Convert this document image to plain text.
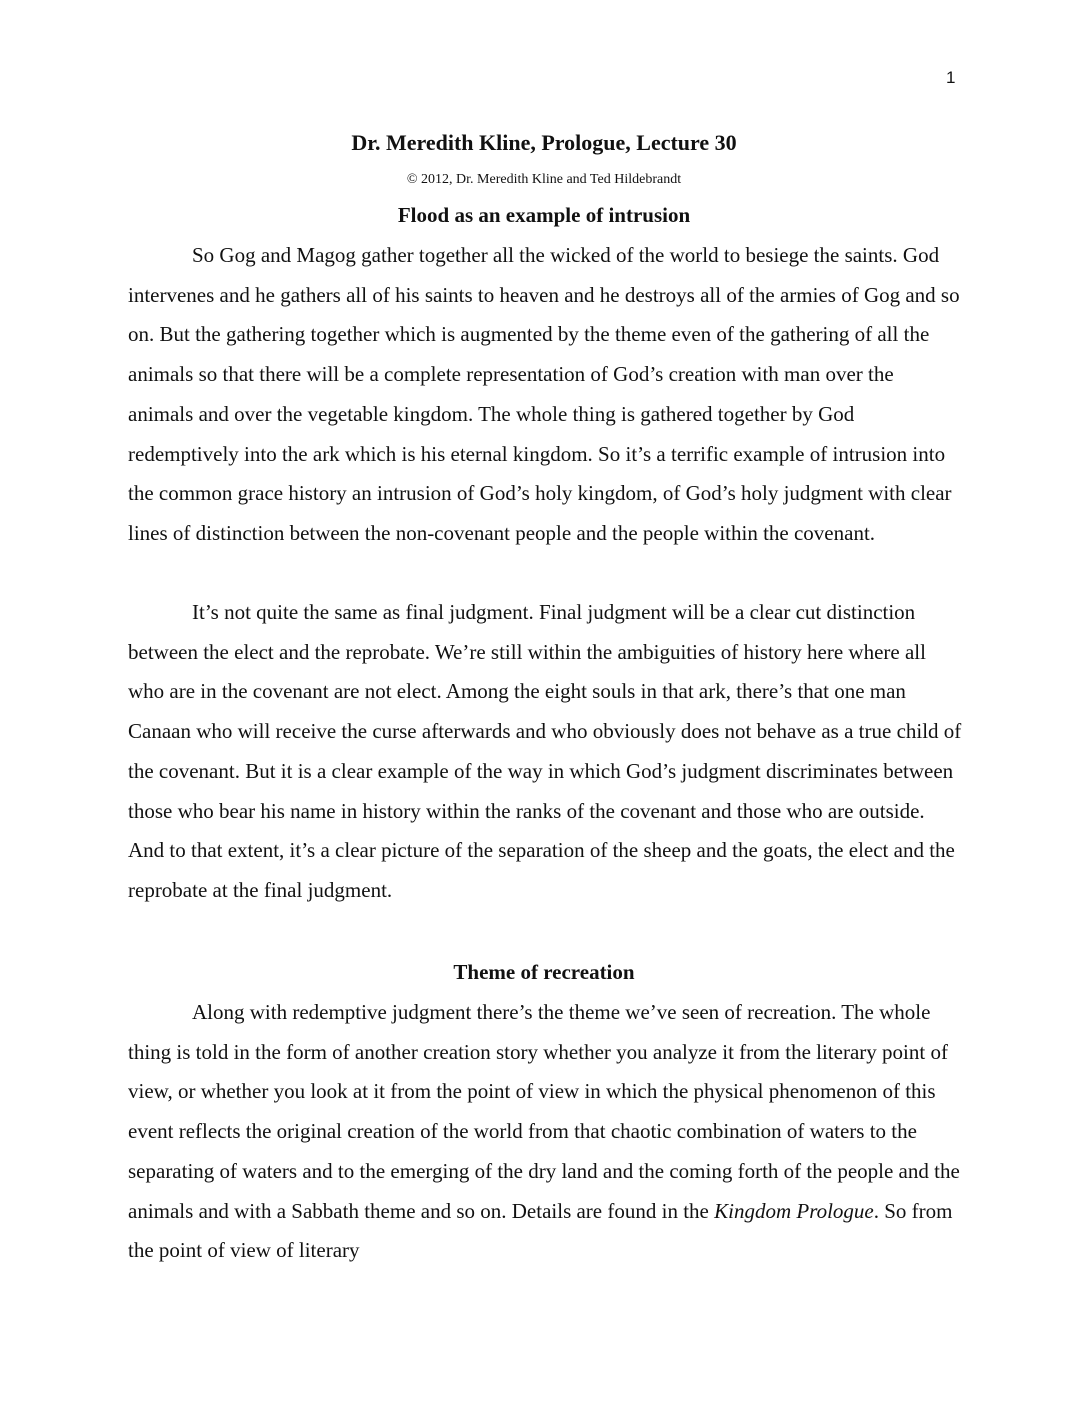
1
Dr. Meredith Kline, Prologue, Lecture 30
© 2012, Dr. Meredith Kline and Ted Hildebrandt
Flood as an example of intrusion

So Gog and Magog gather together all the wicked of the world to besiege the saints. God intervenes and he gathers all of his saints to heaven and he destroys all of the armies of Gog and so on. But the gathering together which is augmented by the theme even of the gathering of all the animals so that there will be a complete representation of God’s creation with man over the animals and over the vegetable kingdom. The whole thing is gathered together by God redemptively into the ark which is his eternal kingdom. So it’s a terrific example of intrusion into the common grace history an intrusion of God’s holy kingdom, of God’s holy judgment with clear lines of distinction between the non-covenant people and the people within the covenant.

It’s not quite the same as final judgment. Final judgment will be a clear cut distinction between the elect and the reprobate. We’re still within the ambiguities of history here where all who are in the covenant are not elect. Among the eight souls in that ark, there’s that one man Canaan who will receive the curse afterwards and who obviously does not behave as a true child of the covenant. But it is a clear example of the way in which God’s judgment discriminates between those who bear his name in history within the ranks of the covenant and those who are outside. And to that extent, it’s a clear picture of the separation of the sheep and the goats, the elect and the reprobate at the final judgment.

Theme of recreation

Along with redemptive judgment there’s the theme we’ve seen of recreation. The whole thing is told in the form of another creation story whether you analyze it from the literary point of view, or whether you look at it from the point of view in which the physical phenomenon of this event reflects the original creation of the world from that chaotic combination of waters to the separating of waters and to the emerging of the dry land and the coming forth of the people and the animals and with a Sabbath theme and so on. Details are found in the Kingdom Prologue. So from the point of view of literary
